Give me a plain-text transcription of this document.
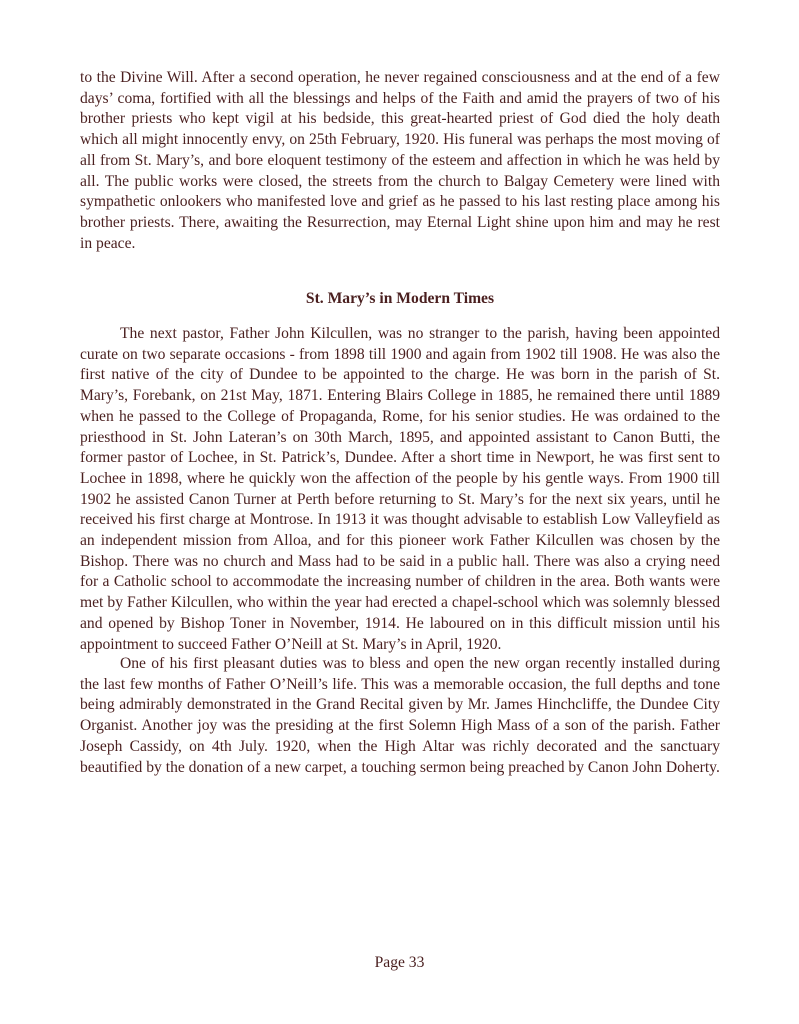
to the Divine Will. After a second operation, he never regained consciousness and at the end of a few days’ coma, fortified with all the blessings and helps of the Faith and amid the prayers of two of his brother priests who kept vigil at his bedside, this great-hearted priest of God died the holy death which all might innocently envy, on 25th February, 1920. His funeral was perhaps the most moving of all from St. Mary’s, and bore eloquent testimony of the esteem and affection in which he was held by all. The public works were closed, the streets from the church to Balgay Cemetery were lined with sympathetic onlookers who manifested love and grief as he passed to his last resting place among his brother priests. There, awaiting the Resurrection, may Eternal Light shine upon him and may he rest in peace.

St. Mary’s in Modern Times

The next pastor, Father John Kilcullen, was no stranger to the parish, having been appointed curate on two separate occasions - from 1898 till 1900 and again from 1902 till 1908. He was also the first native of the city of Dundee to be appointed to the charge. He was born in the parish of St. Mary’s, Forebank, on 21st May, 1871. Entering Blairs College in 1885, he remained there until 1889 when he passed to the College of Propaganda, Rome, for his senior studies. He was ordained to the priesthood in St. John Lateran’s on 30th March, 1895, and appointed assistant to Canon Butti, the former pastor of Lochee, in St. Patrick’s, Dundee. After a short time in Newport, he was first sent to Lochee in 1898, where he quickly won the affection of the people by his gentle ways. From 1900 till 1902 he assisted Canon Turner at Perth before returning to St. Mary’s for the next six years, until he received his first charge at Montrose. In 1913 it was thought advisable to establish Low Valleyfield as an independent mission from Alloa, and for this pioneer work Father Kilcullen was chosen by the Bishop. There was no church and Mass had to be said in a public hall. There was also a crying need for a Catholic school to accommodate the increasing number of children in the area. Both wants were met by Father Kilcullen, who within the year had erected a chapel-school which was solemnly blessed and opened by Bishop Toner in November, 1914. He laboured on in this difficult mission until his appointment to succeed Father O’Neill at St. Mary’s in April, 1920.

One of his first pleasant duties was to bless and open the new organ recently installed during the last few months of Father O’Neill’s life. This was a memorable occasion, the full depths and tone being admirably demonstrated in the Grand Recital given by Mr. James Hinchcliffe, the Dundee City Organist. Another joy was the presiding at the first Solemn High Mass of a son of the parish. Father Joseph Cassidy, on 4th July. 1920, when the High Altar was richly decorated and the sanctuary beautified by the donation of a new carpet, a touching sermon being preached by Canon John Doherty.

Page 33
